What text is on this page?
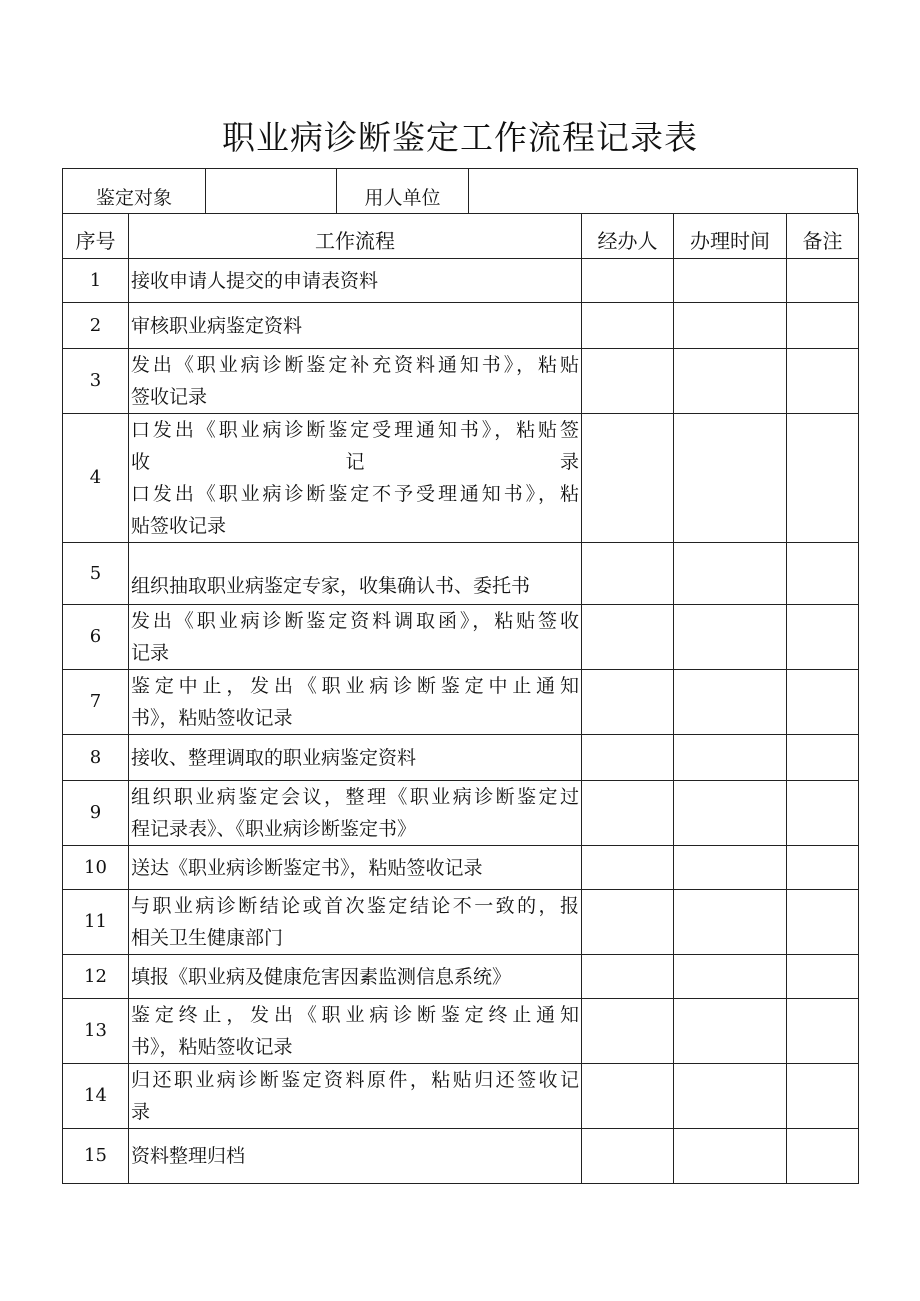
职业病诊断鉴定工作流程记录表
鉴定对象	用人单位
序号	工作流程	经办人	办理时间	备注
1	接收申请人提交的申请表资料			

2	审核职业病鉴定资料			

3	发出《职业病诊断鉴定补充资料通知书》，粘贴
签收记录			

4	口发出《职业病诊断鉴定受理通知书》，粘贴签
收记录
口发出《职业病诊断鉴定不予受理通知书》，粘
贴签收记录			

5	组织抽取职业病鉴定专家，收集确认书、委托书			

6	发出《职业病诊断鉴定资料调取函》，粘贴签收
记录			

7	鉴定中止，发出《职业病诊断鉴定中止通知
书》，粘贴签收记录			

8	接收、整理调取的职业病鉴定资料			

9	组织职业病鉴定会议，整理《职业病诊断鉴定过
程记录表》、《职业病诊断鉴定书》			

10	送达《职业病诊断鉴定书》，粘贴签收记录			

11	与职业病诊断结论或首次鉴定结论不一致的，报
相关卫生健康部门			

12	填报《职业病及健康危害因素监测信息系统》			

13	鉴定终止，发出《职业病诊断鉴定终止通知
书》，粘贴签收记录			

14	归还职业病诊断鉴定资料原件，粘贴归还签收记
录			

15	资料整理归档			
